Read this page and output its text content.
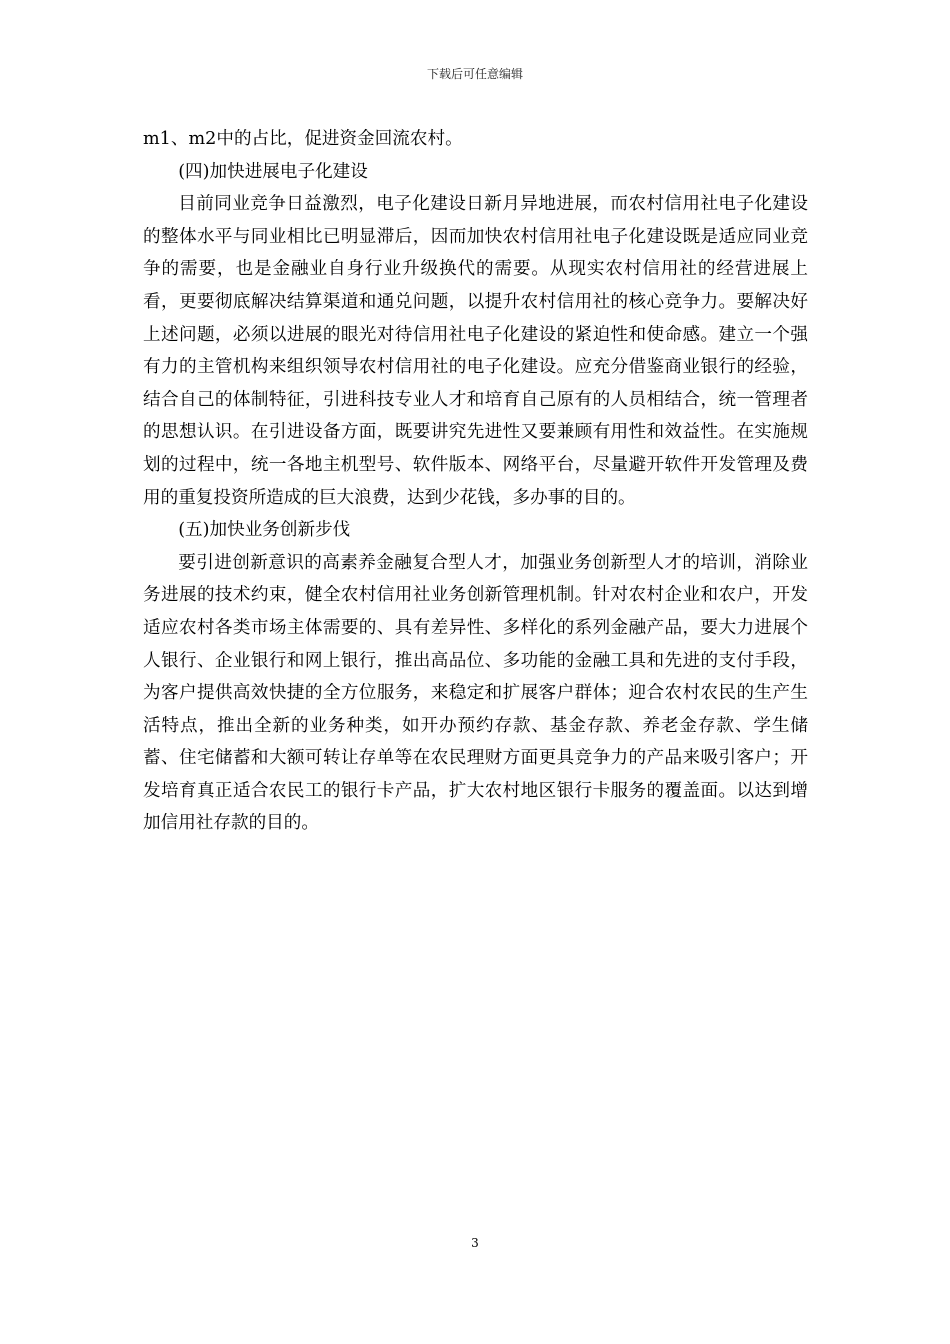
下载后可任意编辑

m1、m2中的占比，促进资金回流农村。

(四)加快进展电子化建设

目前同业竞争日益激烈，电子化建设日新月异地进展，而农村信用社电子化建设的整体水平与同业相比已明显滞后，因而加快农村信用社电子化建设既是适应同业竞争的需要，也是金融业自身行业升级换代的需要。从现实农村信用社的经营进展上看，更要彻底解决结算渠道和通兑问题，以提升农村信用社的核心竞争力。要解决好上述问题，必须以进展的眼光对待信用社电子化建设的紧迫性和使命感。建立一个强有力的主管机构来组织领导农村信用社的电子化建设。应充分借鉴商业银行的经验，结合自己的体制特征，引进科技专业人才和培育自己原有的人员相结合，统一管理者的思想认识。在引进设备方面，既要讲究先进性又要兼顾有用性和效益性。在实施规划的过程中，统一各地主机型号、软件版本、网络平台，尽量避开软件开发管理及费用的重复投资所造成的巨大浪费，达到少花钱，多办事的目的。

(五)加快业务创新步伐

要引进创新意识的高素养金融复合型人才，加强业务创新型人才的培训，消除业务进展的技术约束，健全农村信用社业务创新管理机制。针对农村企业和农户，开发适应农村各类市场主体需要的、具有差异性、多样化的系列金融产品，要大力进展个人银行、企业银行和网上银行，推出高品位、多功能的金融工具和先进的支付手段，为客户提供高效快捷的全方位服务，来稳定和扩展客户群体；迎合农村农民的生产生活特点，推出全新的业务种类，如开办预约存款、基金存款、养老金存款、学生储蓄、住宅储蓄和大额可转让存单等在农民理财方面更具竞争力的产品来吸引客户；开发培育真正适合农民工的银行卡产品，扩大农村地区银行卡服务的覆盖面。以达到增加信用社存款的目的。

3
